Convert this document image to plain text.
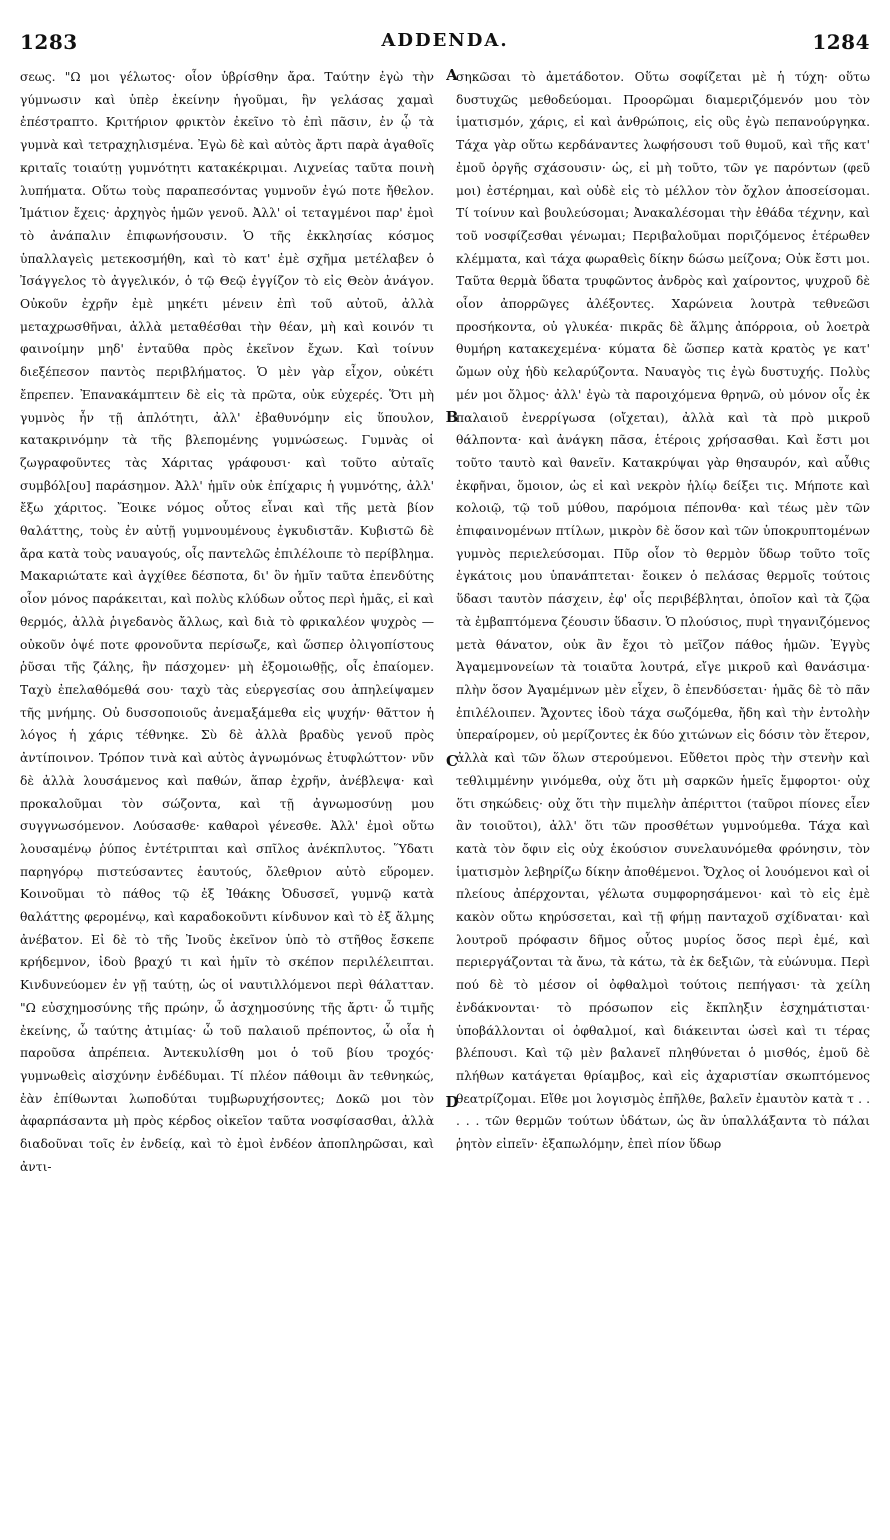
1283	ADDENDA.	1284

σεως. "Ω μοι γέλωτος· οἷον ὑβρίσθην ἄρα. Ταύτην ἐγὼ τὴν γύμνωσιν καὶ ὑπὲρ ἐκείνην ἡγοῦμαι, ἣν γελάσας χαμαὶ ἐπέστραπτο. Κριτήριον φρικτὸν ἐκεῖνο τὸ ἐπὶ πᾶσιν, ἐν ᾧ τὰ γυμνὰ καὶ τετραχηλισμένα. Ἐγὼ δὲ καὶ αὐτὸς ἄρτι παρὰ ἀγαθοῖς κριταῖς τοιαύτῃ γυμνότητι κατακέκριμαι. Λιχνείας ταῦτα ποινὴ λυπήματα. Οὕτω τοὺς παραπεσόντας γυμνοῦν ἐγώ ποτε ἤθελον. Ἱμάτιον ἔχεις· ἀρχηγὸς ἡμῶν γενοῦ. Ἀλλ' οἱ τεταγμένοι παρ' ἐμοὶ τὸ ἀνάπαλιν ἐπιφωνήσουσιν. Ὁ τῆς ἐκκλησίας κόσμος ὑπαλλαγεὶς μετεκοσμήθη, καὶ τὸ κατ' ἐμὲ σχῆμα μετέλαβεν ὁ Ἰσάγγελος τὸ ἀγγελικόν, ὁ τῷ Θεῷ ἐγγίζον τὸ εἰς Θεὸν ἀνάγον. Οὐκοῦν ἐχρῆν ἐμὲ μηκέτι μένειν ἐπὶ τοῦ αὐτοῦ, ἀλλὰ μεταχρωσθῆναι, ἀλλὰ μεταθέσθαι τὴν θέαν, μὴ καὶ κοινόν τι φαινοίμην μηδ' ἐνταῦθα πρὸς ἐκεῖνον ἔχων. Καὶ τοίνυν διεξέπεσον παντὸς περιβλήματος. Ὁ μὲν γὰρ εἶχον, οὐκέτι ἔπρεπεν. Ἐπανακάμπτειν δὲ εἰς τὰ πρῶτα, οὐκ εὐχερές. Ὅτι μὴ γυμνὸς ἦν τῇ ἁπλότητι, ἀλλ' ἐβαθυνόμην εἰς ὕπουλον, κατακρινόμην τὰ τῆς βλεπομένης γυμνώσεως. Γυμνὰς οἱ ζωγραφοῦντες τὰς Χάριτας γράφουσι· καὶ τοῦτο αὐταῖς συμβόλ[ου] παράσημον. Ἀλλ' ἡμῖν οὐκ ἐπίχαρις ἡ γυμνότης, ἀλλ' ἔξω χάριτος. Ἔοικε νόμος οὗτος εἶναι καὶ τῆς μετὰ βίον θαλάττης, τοὺς ἐν αὐτῇ γυμνουμένους ἐγκυδιστᾶν. Κυβιστῶ δὲ ἄρα κατὰ τοὺς ναυαγούς, οἷς παντελῶς ἐπιλέλοιπε τὸ περίβλημα. Μακαριώτατε καὶ ἀγχίθεε δέσποτα, δι' ὃν ἡμῖν ταῦτα ἐπενδύτης οἷον μόνος παράκειται, καὶ πολὺς κλύδων οὗτος περὶ ἡμᾶς, εἰ καὶ θερμός, ἀλλὰ ῥιγεδανὸς ἄλλως, καὶ διὰ τὸ φρικαλέον ψυχρὸς — οὐκοῦν ὀψέ ποτε φρονοῦντα περίσωζε, καὶ ὥσπερ ὀλιγοπίστους ῥῦσαι τῆς ζάλης, ἣν πάσχομεν· μὴ ἐξομοιωθῇς, οἷς ἐπαίομεν. Ταχὺ ἐπελαθόμεθά σου· ταχὺ τὰς εὐεργεσίας σου ἀπηλείψαμεν τῆς μνήμης. Οὐ δυσσοποιοῦς ἀνεμαξάμεθα εἰς ψυχήν· θᾶττον ἡ λόγος ἡ χάρις τέθνηκε. Σὺ δὲ ἀλλὰ βραδὺς γενοῦ πρὸς ἀντίποινον. Τρόπον τινὰ καὶ αὐτὸς ἀγνωμόνως ἐτυφλώττον· νῦν δὲ ἀλλὰ λουσάμενος καὶ παθών, ἅπαρ ἐχρῆν, ἀνέβλεψα· καὶ προκαλοῦμαι τὸν σώζοντα, καὶ τῇ ἀγνωμοσύνῃ μου συγγνωσόμενον. Λούσασθε· καθαροὶ γένεσθε. Ἀλλ' ἐμοὶ οὕτω λουσαμένῳ ῥύπος ἐντέτριπται καὶ σπῖλος ἀνέκπλυτος. Ὕδατι παρηγόρῳ πιστεύσαντες ἑαυτούς, ὄλεθριον αὐτὸ εὕρομεν. Κοινοῦμαι τὸ πάθος τῷ ἐξ Ἰθάκης Ὀδυσσεῖ, γυμνῷ κατὰ θαλάττης φερομένῳ, καὶ καραδοκοῦντι κίνδυνον καὶ τὸ ἐξ ἅλμης ἀνέβατον. Εἰ δὲ τὸ τῆς Ἰνοῦς ἐκεῖνον ὑπὸ τὸ στῆθος ἔσκεπε κρήδεμνον, ἰδοὺ βραχύ τι καὶ ἡμῖν τὸ σκέπον περιλέλειπται. Κινδυνεύομεν ἐν γῇ ταύτῃ, ὡς οἱ ναυτιλλόμενοι περὶ θάλατταν. "Ω εὐσχημοσύνης τῆς πρώην, ὦ ἀσχημοσύνης τῆς ἄρτι· ὦ τιμῆς ἐκείνης, ὦ ταύτης ἀτιμίας· ὦ τοῦ παλαιοῦ πρέποντος, ὦ οἷα ἡ παροῦσα ἀπρέπεια. Ἀντεκυλίσθη μοι ὁ τοῦ βίου τροχός· γυμνωθεὶς αἰσχύνην ἐνδέδυμαι. Τί πλέον πάθοιμι ἂν τεθνηκώς, ἐὰν ἐπίθωνται λωποδύται τυμβωρυχήσοντες; Δοκῶ μοι τὸν ἀφαρπάσαντα μὴ πρὸς κέρδος οἰκεῖον ταῦτα νοσφίσασθαι, ἀλλὰ διαδοῦναι τοῖς ἐν ἐνδείᾳ, καὶ τὸ ἐμοὶ ἐνδέον ἀποπληρῶσαι, καὶ ἀντι-

σηκῶσαι τὸ ἀμετάδοτον. Οὕτω σοφίζεται μὲ ἡ τύχη· οὕτω δυστυχῶς μεθοδεύομαι. Προορῶμαι διαμεριζόμενόν μου τὸν ἱματισμόν, χάρις, εἰ καὶ ἀνθρώποις, εἰς οὓς ἐγὼ πεπανούργηκα. Τάχα γὰρ οὕτω κερδάναντες λωφήσουσι τοῦ θυμοῦ, καὶ τῆς κατ' ἐμοῦ ὀργῆς σχάσουσιν· ὡς, εἰ μὴ τοῦτο, τῶν γε παρόντων (φεῦ μοι) ἐστέρημαι, καὶ οὐδὲ εἰς τὸ μέλλον τὸν ὄχλον ἀποσείσομαι. Τί τοίνυν καὶ βουλεύσομαι; Ἀνακαλέσομαι τὴν ἐθάδα τέχνην, καὶ τοῦ νοσφίζεσθαι γένωμαι; Περιβαλοῦμαι ποριζόμενος ἑτέρωθεν κλέμματα, καὶ τάχα φωραθεὶς δίκην δώσω μείζονα; Οὐκ ἔστι μοι. Ταῦτα θερμὰ ὕδατα τρυφῶντος ἀνδρὸς καὶ χαίροντος, ψυχροῦ δὲ οἷον ἀπορρῶγες ἀλέξοντες. Χαρώνεια λουτρὰ τεθνεῶσι προσήκοντα, οὐ γλυκέα· πικρᾶς δὲ ἅλμης ἀπόρροια, οὐ λοετρὰ θυμήρη κατακεχεμένα· κύματα δὲ ὥσπερ κατὰ κρατὸς γε κατ' ὤμων οὐχ ἡδὺ κελαρύζοντα. Ναυαγὸς τις ἐγὼ δυστυχής. Πολὺς μέν μοι ὄλμος· ἀλλ' ἐγὼ τὰ παροιχόμενα θρηνῶ, οὐ μόνον οἷς ἐκ παλαιοῦ ἐνερρίγωσα (οἴχεται), ἀλλὰ καὶ τὰ πρὸ μικροῦ θάλποντα· καὶ ἀνάγκη πᾶσα, ἑτέροις χρήσασθαι. Καὶ ἔστι μοι τοῦτο ταυτὸ καὶ θανεῖν. Κατακρύψαι γὰρ θησαυρόν, καὶ αὖθις ἐκφῆναι, ὅμοιον, ὡς εἰ καὶ νεκρὸν ἡλίῳ δείξει τις. Μήποτε καὶ κολοιῷ, τῷ τοῦ μύθου, παρόμοια πέπονθα· καὶ τέως μὲν τῶν ἐπιφαινομένων πτίλων, μικρὸν δὲ ὅσον καὶ τῶν ὑποκρυπτομένων γυμνὸς περιελεύσομαι. Πῦρ οἷον τὸ θερμὸν ὕδωρ τοῦτο τοῖς ἐγκάτοις μου ὑπανάπτεται· ἔοικεν ὁ πελάσας θερμοῖς τούτοις ὕδασι ταυτὸν πάσχειν, ἐφ' οἷς περιβέβληται, ὁποῖον καὶ τὰ ζῷα τὰ ἐμβαπτόμενα ζέουσιν ὕδασιν. Ὁ πλούσιος, πυρὶ τηγανιζόμενος μετὰ θάνατον, οὐκ ἂν ἔχοι τὸ μεῖζον πάθος ἡμῶν. Ἐγγὺς Ἀγαμεμνονείων τὰ τοιαῦτα λουτρά, εἴγε μικροῦ καὶ θανάσιμα· πλὴν ὅσον Ἀγαμέμνων μὲν εἶχεν, ὃ ἐπενδύσεται· ἡμᾶς δὲ τὸ πᾶν ἐπιλέλοιπεν. Ἄχοντες ἰδοὺ τάχα σωζόμεθα, ἤδη καὶ τὴν ἐντολὴν ὑπεραίρομεν, οὐ μερίζοντες ἐκ δύο χιτώνων εἰς δόσιν τὸν ἕτερον, ἀλλὰ καὶ τῶν ὅλων στερούμενοι. Εὔθετοι πρὸς τὴν στενὴν καὶ τεθλιμμένην γινόμεθα, οὐχ ὅτι μὴ σαρκῶν ἡμεῖς ἔμφορτοι· οὐχ ὅτι σηκώδεις· οὐχ ὅτι τὴν πιμελὴν ἀπέριττοι (ταῦροι πίονες εἶεν ἂν τοιοῦτοι), ἀλλ' ὅτι τῶν προσθέτων γυμνούμεθα. Τάχα καὶ κατὰ τὸν ὄφιν εἰς οὐχ ἑκούσιον συνελαυνόμεθα φρόνησιν, τὸν ἱματισμὸν λεβηρίζω δίκην ἀποθέμενοι. Ὄχλος οἱ λουόμενοι καὶ οἱ πλείους ἀπέρχονται, γέλωτα συμφορησάμενοι· καὶ τὸ εἰς ἐμὲ κακὸν οὕτω κηρύσσεται, καὶ τῇ φήμῃ πανταχοῦ σχίδναται· καὶ λουτροῦ πρόφασιν δῆμος οὗτος μυρίος ὅσος περὶ ἐμέ, καὶ περιεργάζονται τὰ ἄνω, τὰ κάτω, τὰ ἐκ δεξιῶν, τὰ εὐώνυμα. Περὶ πού δὲ τὸ μέσον οἱ ὀφθαλμοὶ τούτοις πεπήγασι· τὰ χείλη ἐνδάκνονται· τὸ πρόσωπον εἰς ἔκπληξιν ἐσχημάτισται· ὑποβάλλονται οἱ ὀφθαλμοί, καὶ διάκεινται ὡσεὶ καὶ τι τέρας βλέπουσι. Καὶ τῷ μὲν βαλανεῖ πληθύνεται ὁ μισθός, ἐμοῦ δὲ πλήθων κατάγεται θρίαμβος, καὶ εἰς ἀχαριστίαν σκωπτόμενος θεατρίζομαι. Εἴθε μοι λογισμὸς ἐπῆλθε, βαλεῖν ἐμαυτὸν κατὰ τ . . . . . τῶν θερμῶν τούτων ὑδάτων, ὡς ἂν ὑπαλλάξαντα τὸ πάλαι ῥητὸν εἰπεῖν· ἐξαπωλόμην, ἐπεὶ πίον ὕδωρ

A
B
C
D
